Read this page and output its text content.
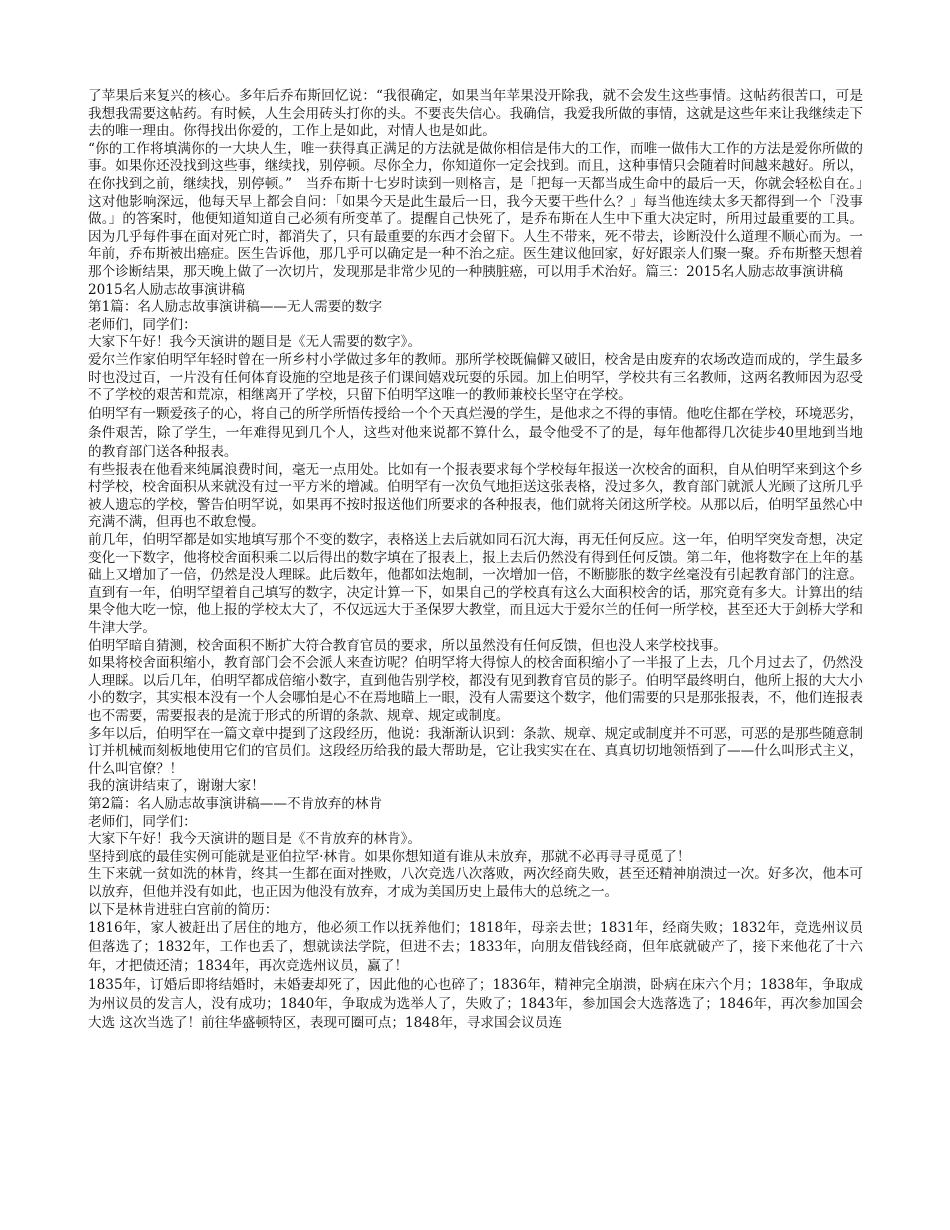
了苹果后来复兴的核心。多年后乔布斯回忆说：“我很确定，如果当年苹果没开除我，就不会发生这些事情。这帖药很苦口，可是我想我需要这帖药。有时候，人生会用砖头打你的头。不要丧失信心。我确信，我爱我所做的事情，这就是这些年来让我继续走下去的唯一理由。你得找出你爱的，工作上是如此，对情人也是如此。

“你的工作将填满你的一大块人生，唯一获得真正满足的方法就是做你相信是伟大的工作，而唯一做伟大工作的方法是爱你所做的事。如果你还没找到这些事，继续找，别停顿。尽你全力，你知道你一定会找到。而且，这种事情只会随着时间越来越好。所以，在你找到之前，继续找，别停顿。”　当乔布斯十七岁时读到一则格言，是「把每一天都当成生命中的最后一天，你就会轻松自在。」这对他影响深远，他每天早上都会自问：「如果今天是此生最后一日，我今天要干些什么？」每当他连续太多天都得到一个「没事做。」的答案时，他便知道知道自己必须有所变革了。提醒自己快死了，是乔布斯在人生中下重大决定时，所用过最重要的工具。因为几乎每件事在面对死亡时，都消失了，只有最重要的东西才会留下。人生不带来，死不带去，诊断没什么道理不顺心而为。一年前，乔布斯被出癌症。医生告诉他，那几乎可以确定是一种不治之症。医生建议他回家，好好跟亲人们聚一聚。乔布斯整天想着那个诊断结果，那天晚上做了一次切片，发现那是非常少见的一种胰脏癌，可以用手术治好。篇三：2015名人励志故事演讲稿

2015名人励志故事演讲稿

第1篇：名人励志故事演讲稿——无人需要的数字

老师们，同学们：

大家下午好！我今天演讲的题目是《无人需要的数字》。

爱尔兰作家伯明罕年轻时曾在一所乡村小学做过多年的教师。那所学校既偏僻又破旧，校舍是由废弃的农场改造而成的，学生最多时也没过百，一片没有任何体育设施的空地是孩子们课间嬉戏玩耍的乐园。加上伯明罕，学校共有三名教师，这两名教师因为忍受不了学校的艰苦和荒凉，相继离开了学校，只留下伯明罕这唯一的教师兼校长坚守在学校。

伯明罕有一颗爱孩子的心，将自己的所学所悟传授给一个个天真烂漫的学生，是他求之不得的事情。他吃住都在学校，环境恶劣，条件艰苦，除了学生，一年难得见到几个人，这些对他来说都不算什么，最令他受不了的是，每年他都得几次徒步40里地到当地的教育部门送各种报表。

有些报表在他看来纯属浪费时间，毫无一点用处。比如有一个报表要求每个学校每年报送一次校舍的面积，自从伯明罕来到这个乡村学校，校舍面积从来就没有过一平方米的增减。伯明罕有一次负气地拒送这张表格，没过多久，教育部门就派人光顾了这所几乎被人遗忘的学校，警告伯明罕说，如果再不按时报送他们所要求的各种报表，他们就将关闭这所学校。从那以后，伯明罕虽然心中充满不满，但再也不敢怠慢。

前几年，伯明罕都是如实地填写那个不变的数字，表格送上去后就如同石沉大海，再无任何反应。这一年，伯明罕突发奇想，决定变化一下数字，他将校舍面积乘二以后得出的数字填在了报表上，报上去后仍然没有得到任何反馈。第二年，他将数字在上年的基础上又增加了一倍，仍然是没人理睬。此后数年，他都如法炮制，一次增加一倍，不断膨胀的数字丝毫没有引起教育部门的注意。直到有一年，伯明罕望着自己填写的数字，决定计算一下，如果自己的学校真有这么大面积校舍的话，那究竟有多大。计算出的结果令他大吃一惊，他上报的学校太大了，不仅远远大于圣保罗大教堂，而且远大于爱尔兰的任何一所学校，甚至还大于剑桥大学和牛津大学。

伯明罕暗自猜测，校舍面积不断扩大符合教育官员的要求，所以虽然没有任何反馈，但也没人来学校找事。

如果将校舍面积缩小，教育部门会不会派人来查访呢？伯明罕将大得惊人的校舍面积缩小了一半报了上去，几个月过去了，仍然没人理睬。以后几年，伯明罕都成倍缩小数字，直到他告别学校，都没有见到教育官员的影子。伯明罕最终明白，他所上报的大大小小的数字，其实根本没有一个人会哪怕是心不在焉地瞄上一眼，没有人需要这个数字，他们需要的只是那张报表，不，他们连报表也不需要，需要报表的是流于形式的所谓的条款、规章、规定或制度。

多年以后，伯明罕在一篇文章中提到了这段经历，他说：我渐渐认识到：条款、规章、规定或制度并不可恶，可恶的是那些随意制订并机械而刻板地使用它们的官员们。这段经历给我的最大帮助是，它让我实实在在、真真切切地领悟到了——什么叫形式主义，什么叫官僚？！

我的演讲结束了，谢谢大家！

第2篇：名人励志故事演讲稿——不肯放弃的林肯

老师们，同学们：

大家下午好！我今天演讲的题目是《不肯放弃的林肯》。

坚持到底的最佳实例可能就是亚伯拉罕·林肯。如果你想知道有谁从未放弃，那就不必再寻寻觅觅了！

生下来就一贫如洗的林肯，终其一生都在面对挫败，八次竞选八次落败，两次经商失败，甚至还精神崩溃过一次。好多次，他本可以放弃，但他并没有如此，也正因为他没有放弃，才成为美国历史上最伟大的总统之一。

以下是林肯进驻白宫前的简历：

1816年，家人被赶出了居住的地方，他必须工作以抚养他们；1818年，母亲去世；1831年，经商失败；1832年，竞选州议员但落选了；1832年，工作也丢了，想就读法学院，但进不去；1833年，向朋友借钱经商，但年底就破产了，接下来他花了十六年，才把债还清；1834年，再次竞选州议员，赢了！

1835年，订婚后即将结婚时，未婚妻却死了，因此他的心也碎了；1836年，精神完全崩溃，卧病在床六个月；1838年，争取成为州议员的发言人，没有成功；1840年，争取成为选举人了，失败了；1843年，参加国会大选落选了；1846年，再次参加国会大选 这次当选了！前往华盛顿特区，表现可圈可点；1848年，寻求国会议员连
